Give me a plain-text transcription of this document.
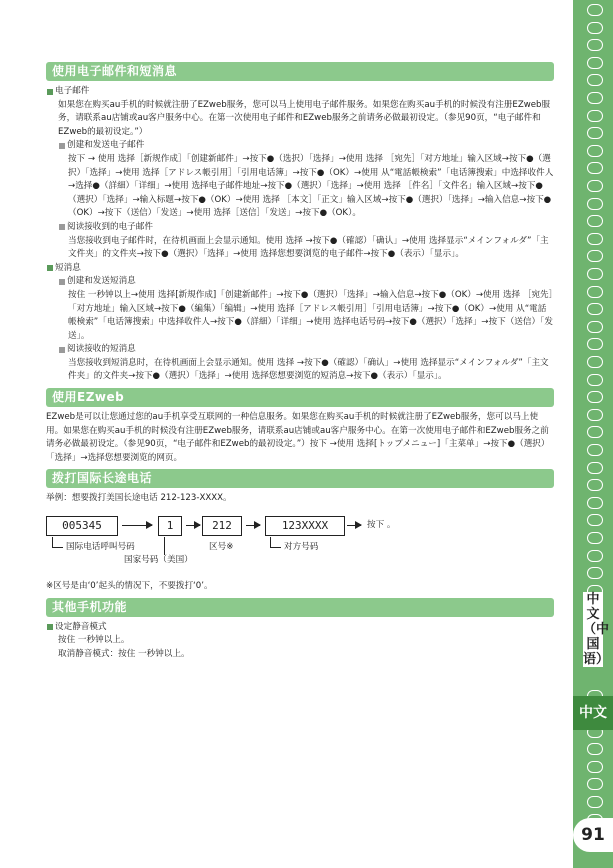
使用电子邮件和短消息
电子邮件

如果您在购买au手机的时候就注册了EZweb服务，您可以马上使用电子邮件服务。如果您在购买au手机的时候没有注册EZweb服务，请联系au店铺或au客户服务中心。在第一次使用电子邮件和EZweb服务之前请务必做最初设定。（参见90页，“电子邮件和EZweb的最初设定。”）

创建和发送电子邮件

按下 → 使用 选择［新规作成］「创建新邮件」→按下●（选択）「选择」→使用 选择 ［宛先］「对方地址」输入区域→按下●（選択）「选择」→使用 选择［アドレス帳引用］「引用电话簿」→按下●（OK）→使用 从“電話帳検索”「电话簿搜索」中选择收件人→选择●（詳細）「详细」→使用 选择电子邮件地址→按下●（選択）「选择」→使用 选择 ［件名］「文件名」输入区域→按下●（選択）「选择」→输入标题→按下●（OK）→使用 选择 ［本文］「正文」输入区域→按下●（選択）「选择」→输入信息→按下●（OK）→按下（送信）「发送」→使用 选择［送信］「发送」→按下●（OK）。

阅读接收到的电子邮件

当您接收到电子邮件时，在待机画面上会显示通知。使用 选择 →按下●（確認）「确认」→使用 选择显示“メインフォルダ”「主文件夹」的文件夹→按下●（選択）「选择」→使用 选择您想要浏览的电子邮件→按下●（表示）「显示」。

短消息
创建和发送短消息

按住 一秒钟以上→使用 选择[新規作成]「创建新邮件」→按下●（選択）「选择」→输入信息→按下●（OK）→使用 选择 ［宛先］「对方地址」输入区域→按下●（編集）「编辑」→使用 选择［アドレス帳引用］「引用电话簿」→按下●（OK）→使用 从“電話帳検索”「电话簿搜索」中选择收件人→按下●（詳細）「详细」→使用 选择电话号码→按下●（選択）「选择」→按下（送信）「发送」。

阅读接收的短消息

当您接收到短消息时，在待机画面上会显示通知。使用 选择 →按下●（確認）「确认」→使用 选择显示“メインフォルダ”「主文件夹」的文件夹→按下●（選択）「选择」→使用 选择您想要浏览的短消息→按下●（表示）「显示」。

使用EZweb

EZweb是可以让您通过您的au手机享受互联网的一种信息服务。如果您在购买au手机的时候就注册了EZweb服务，您可以马上使用。如果您在购买au手机的时候没有注册EZweb服务，请联系au店铺或au客户服务中心。在第一次使用电子邮件和EZweb服务之前请务必做最初设定。（参见90页，“电子邮件和EZweb的最初设定。”）按下 →使用 选择[トップメニュー]「主菜单」→按下●（選択）「选择」→选择您想要浏览的网页。

拨打国际长途电话

举例：想要拨打美国长途电话 212-123-XXXX。

005345	1	212	123XXXX	按下 。
国际电话呼叫号码
国家号码（美国）
区号※	对方号码

※区号是由‘0’起头的情况下，不要拨打‘0’。

其他手机功能
设定静音模式

按住 一秒钟以上。

取消静音模式：按住 一秒钟以上。

中文（中国语）
中文
91
